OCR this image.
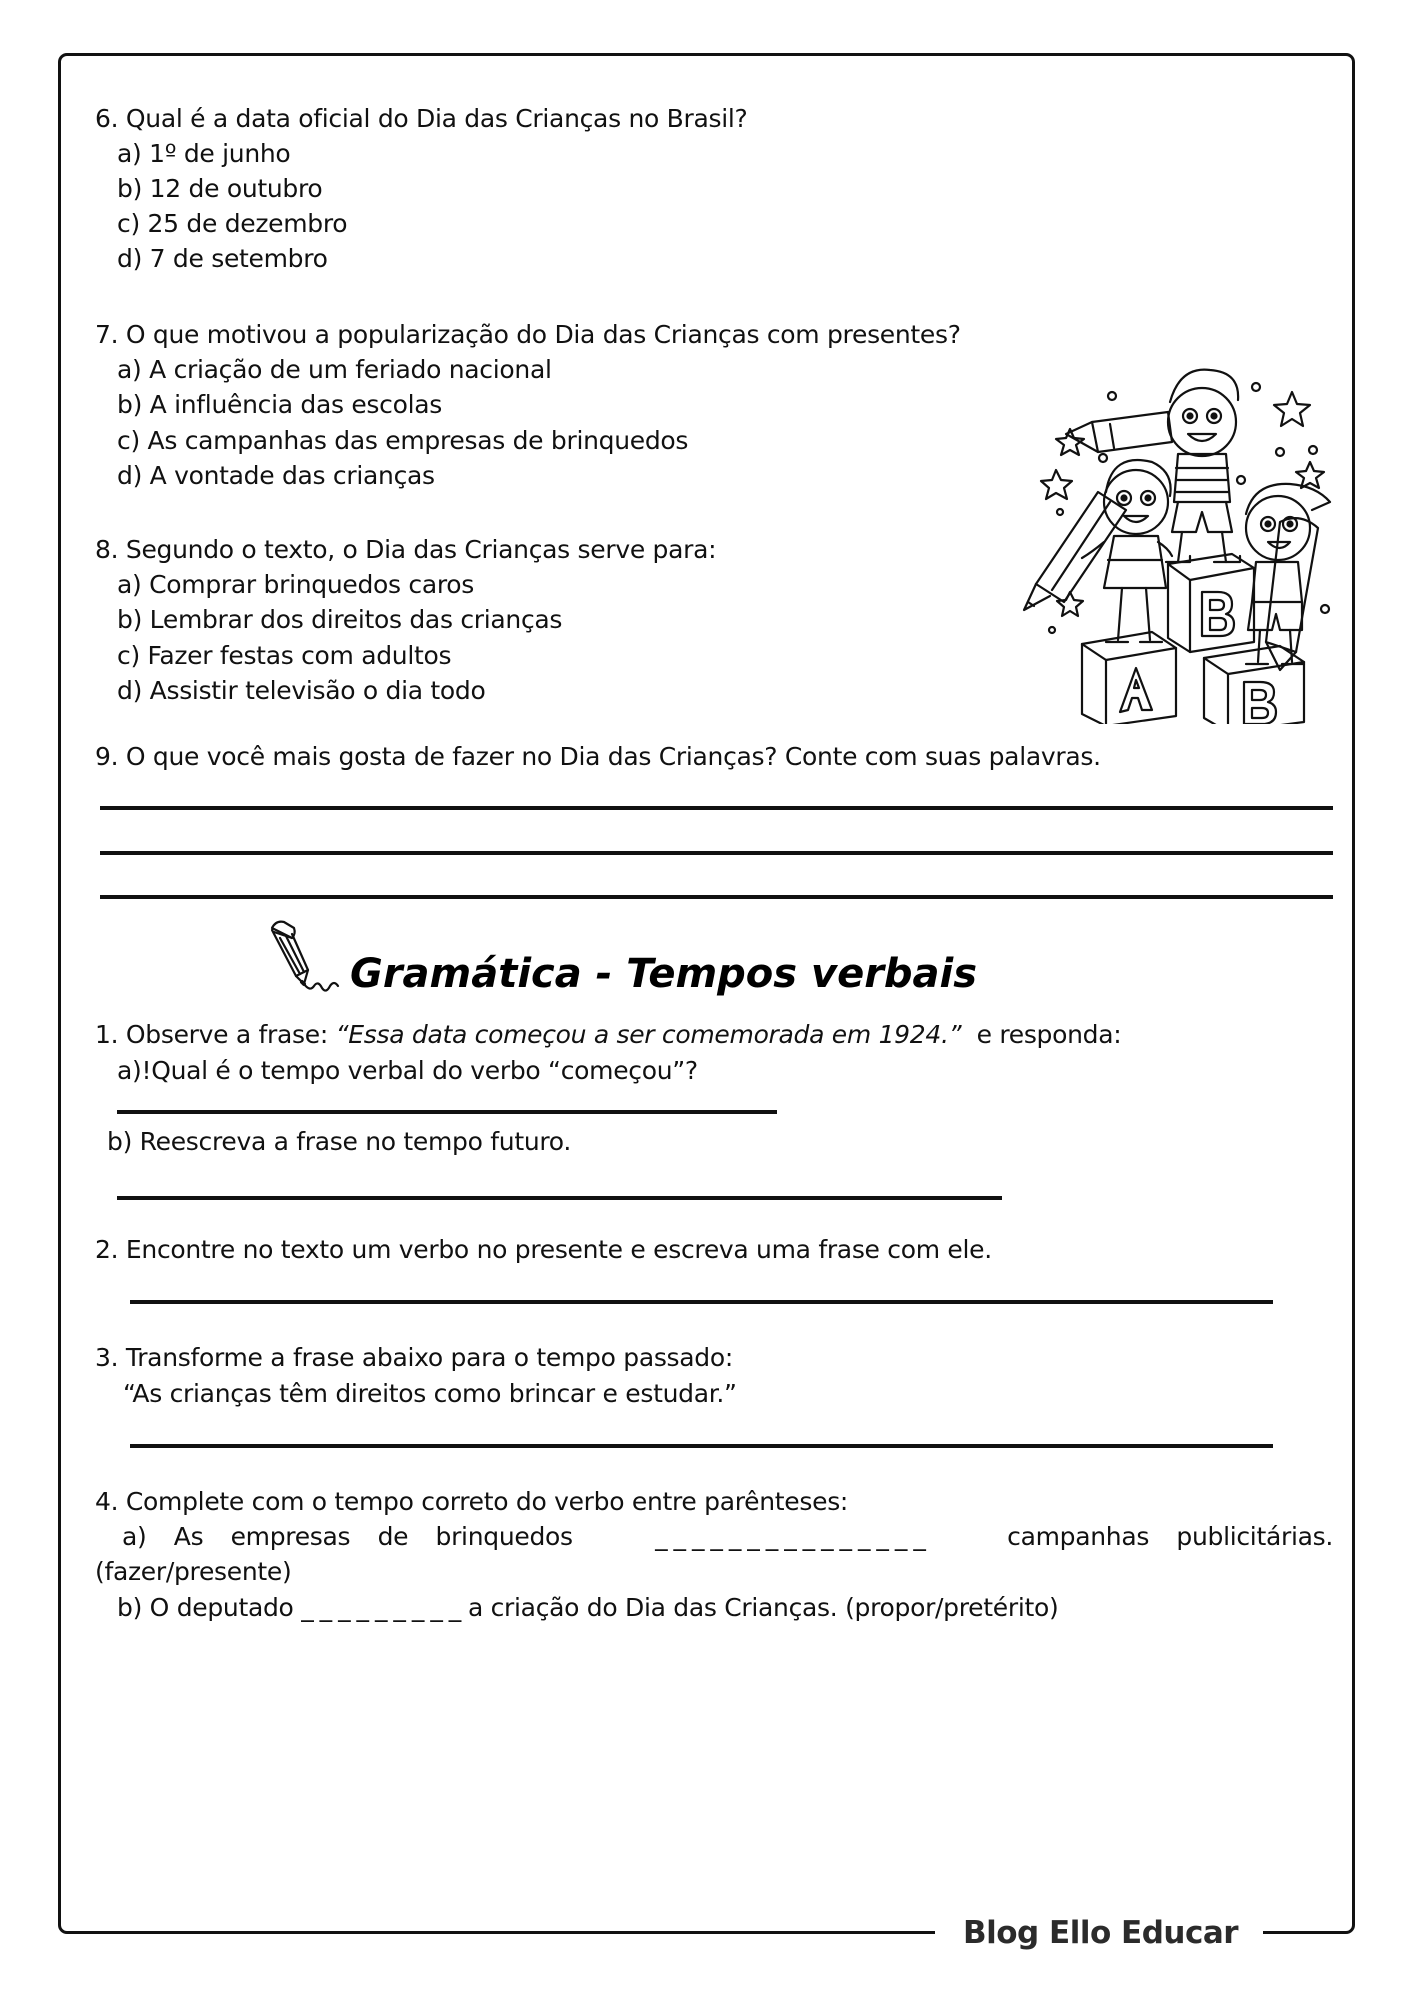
Blog Ello Educar
6. Qual é a data oficial do Dia das Crianças no Brasil?
a) 1º de junho
b) 12 de outubro
c) 25 de dezembro
d) 7 de setembro
7. O que motivou a popularização do Dia das Crianças com presentes?
a) A criação de um feriado nacional
b) A influência das escolas
c) As campanhas das empresas de brinquedos
d) A vontade das crianças
8. Segundo o texto, o Dia das Crianças serve para:
a) Comprar brinquedos caros
b) Lembrar dos direitos das crianças
c) Fazer festas com adultos
d) Assistir televisão o dia todo
9. O que você mais gosta de fazer no Dia das Crianças? Conte com suas palavras.
Gramática - Tempos verbais
1. Observe a frase: “Essa data começou a ser comemorada em 1924.”  e responda:
a)!Qual é o tempo verbal do verbo “começou”?
b) Reescreva a frase no tempo futuro.
2. Encontre no texto um verbo no presente e escreva uma frase com ele.
3. Transforme a frase abaixo para o tempo passado:
“As crianças têm direitos como brincar e estudar.”
4. Complete com o tempo correto do verbo entre parênteses:
a)  As  empresas  de  brinquedos	_ _ _ _ _ _ _ _ _ _ _ _ _ _ _	campanhas  publicitárias.
(fazer/presente)
b) O deputado _ _ _ _ _ _ _ _ _ a criação do Dia das Crianças. (propor/pretérito)
